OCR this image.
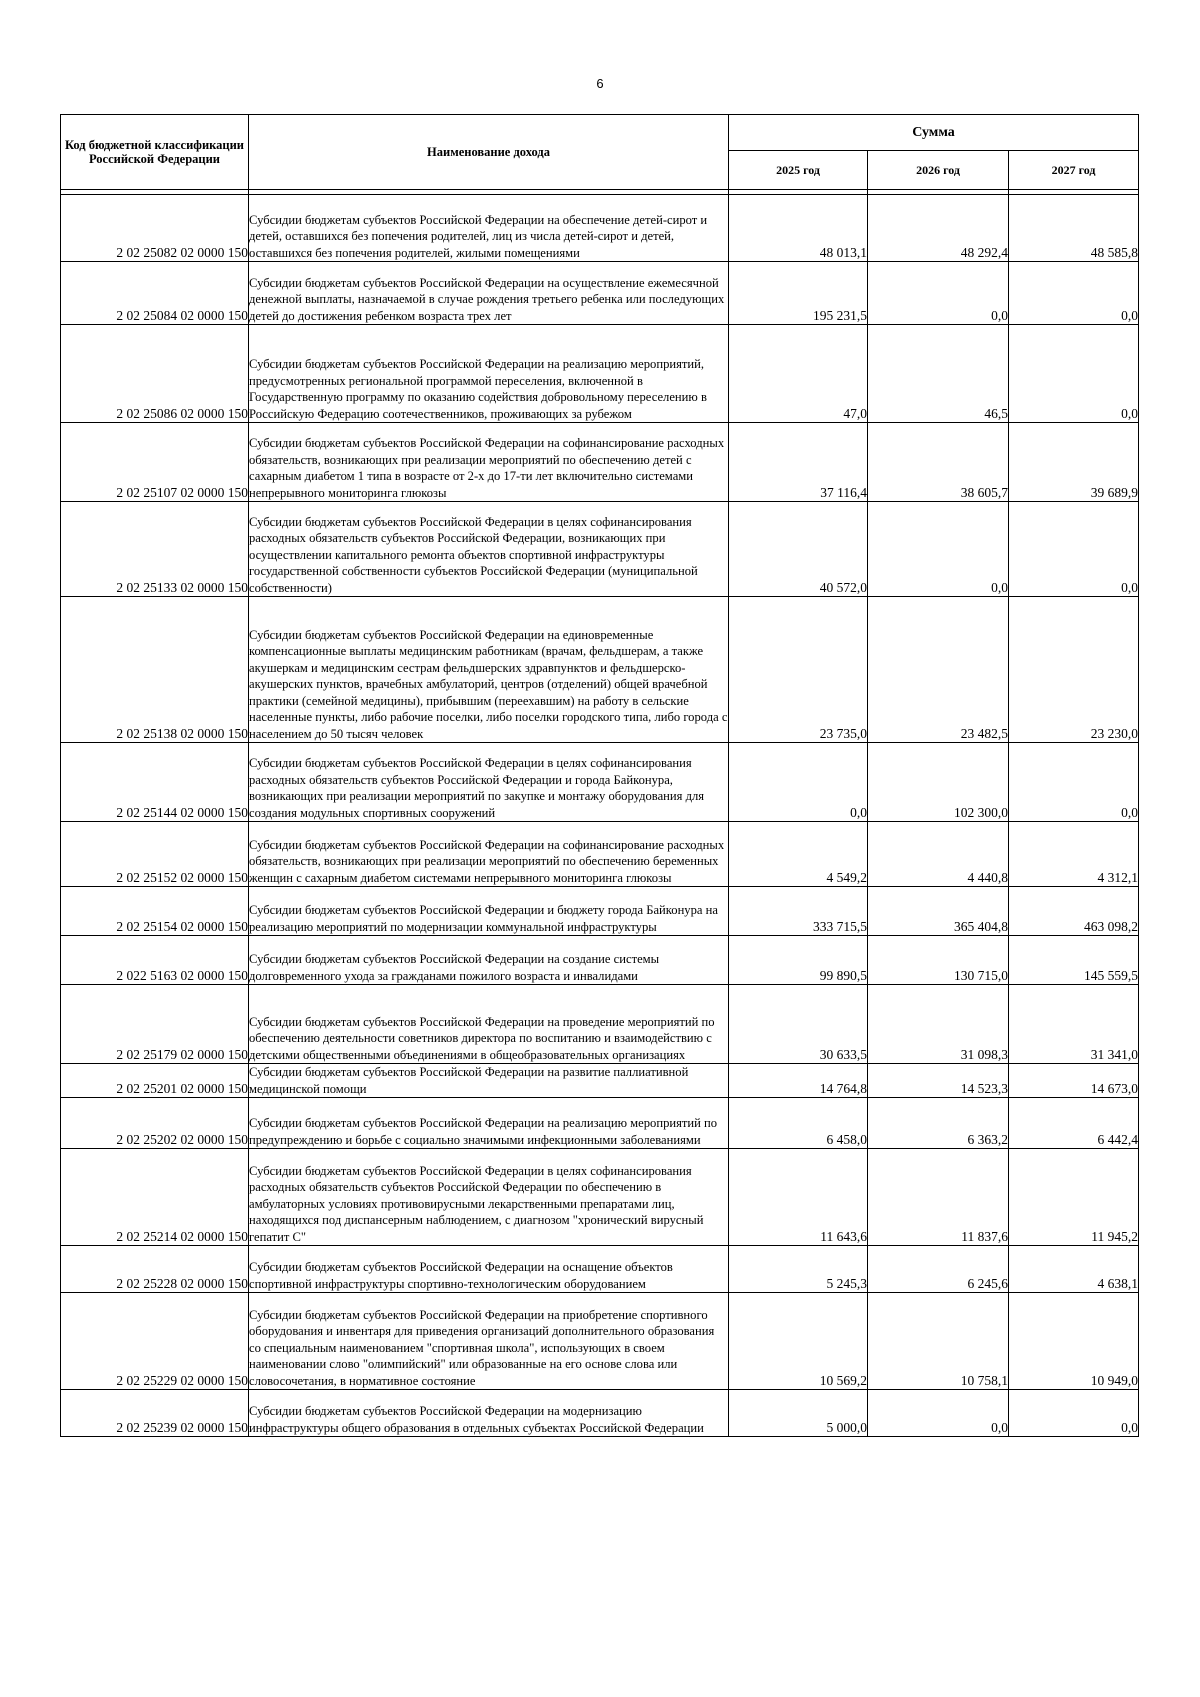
6
Код бюджетной классификации Российской Федерации	Наименование дохода	Сумма		
		2025 год	2026 год	2027 год

2 02 25082 02 0000 150	Субсидии бюджетам субъектов Российской Федерации на обеспечение детей-сирот и детей, оставшихся без попечения родителей, лиц из числа детей-сирот и детей, оставшихся без попечения родителей, жилыми помещениями	48 013,1	48 292,4	48 585,8
2 02 25084 02 0000 150	Субсидии бюджетам субъектов Российской Федерации на осуществление ежемесячной денежной выплаты, назначаемой в случае рождения третьего ребенка или последующих детей до достижения ребенком возраста трех лет	195 231,5	0,0	0,0
2 02 25086 02 0000 150	Субсидии бюджетам субъектов Российской Федерации на реализацию мероприятий, предусмотренных региональной программой переселения, включенной в Государственную программу по оказанию содействия добровольному переселению в Российскую Федерацию соотечественников, проживающих за рубежом	47,0	46,5	0,0
2 02 25107 02 0000 150	Субсидии бюджетам субъектов Российской Федерации на софинансирование расходных обязательств, возникающих при реализации мероприятий по обеспечению детей с сахарным диабетом 1 типа в возрасте от 2-х до 17-ти лет включительно системами непрерывного мониторинга глюкозы	37 116,4	38 605,7	39 689,9
2 02 25133 02 0000 150	Субсидии бюджетам субъектов Российской Федерации в целях софинансирования расходных обязательств субъектов Российской Федерации, возникающих при осуществлении капитального ремонта объектов спортивной инфраструктуры государственной собственности субъектов Российской Федерации (муниципальной собственности)	40 572,0	0,0	0,0
2 02 25138 02 0000 150	Субсидии бюджетам субъектов Российской Федерации на единовременные компенсационные выплаты медицинским работникам (врачам, фельдшерам, а также акушеркам и медицинским сестрам фельдшерских здравпунктов и фельдшерско-акушерских пунктов, врачебных амбулаторий, центров (отделений) общей врачебной практики (семейной медицины), прибывшим (переехавшим) на работу в сельские населенные пункты, либо рабочие поселки, либо поселки городского типа, либо города с населением до 50 тысяч человек	23 735,0	23 482,5	23 230,0
2 02 25144 02 0000 150	Субсидии бюджетам субъектов Российской Федерации в целях софинансирования расходных обязательств субъектов Российской Федерации и города Байконура, возникающих при реализации мероприятий по закупке и монтажу оборудования для создания модульных спортивных сооружений	0,0	102 300,0	0,0
2 02 25152 02 0000 150	Субсидии бюджетам субъектов Российской Федерации на софинансирование расходных обязательств, возникающих при реализации мероприятий по обеспечению беременных женщин с сахарным диабетом системами непрерывного мониторинга глюкозы	4 549,2	4 440,8	4 312,1
2 02 25154 02 0000 150	Субсидии бюджетам субъектов Российской Федерации и бюджету города Байконура на реализацию мероприятий по модернизации коммунальной инфраструктуры	333 715,5	365 404,8	463 098,2
2 022 5163 02 0000 150	Субсидии бюджетам субъектов Российской Федерации на создание системы долговременного ухода за гражданами пожилого возраста и инвалидами	99 890,5	130 715,0	145 559,5
2 02 25179 02 0000 150	Субсидии бюджетам субъектов Российской Федерации на проведение мероприятий по обеспечению деятельности советников директора по воспитанию и взаимодействию с детскими общественными объединениями в общеобразовательных организациях	30 633,5	31 098,3	31 341,0
2 02 25201 02 0000 150	Субсидии бюджетам субъектов Российской Федерации на развитие паллиативной медицинской помощи	14 764,8	14 523,3	14 673,0
2 02 25202 02 0000 150	Субсидии бюджетам субъектов Российской Федерации на реализацию мероприятий по предупреждению и борьбе с социально значимыми инфекционными заболеваниями	6 458,0	6 363,2	6 442,4
2 02 25214 02 0000 150	Субсидии бюджетам субъектов Российской Федерации в целях софинансирования расходных обязательств субъектов Российской Федерации по обеспечению в амбулаторных условиях противовирусными лекарственными препаратами лиц, находящихся под диспансерным наблюдением, с диагнозом "хронический вирусный гепатит С"	11 643,6	11 837,6	11 945,2
2 02 25228 02 0000 150	Субсидии бюджетам субъектов Российской Федерации на оснащение объектов спортивной инфраструктуры спортивно-технологическим оборудованием	5 245,3	6 245,6	4 638,1
2 02 25229 02 0000 150	Субсидии бюджетам субъектов Российской Федерации на приобретение спортивного оборудования и инвентаря для приведения организаций дополнительного образования со специальным наименованием "спортивная школа", использующих в своем наименовании слово "олимпийский" или образованные на его основе слова или словосочетания, в нормативное состояние	10 569,2	10 758,1	10 949,0
2 02 25239 02 0000 150	Субсидии бюджетам субъектов Российской Федерации на модернизацию инфраструктуры общего образования в отдельных субъектах Российской Федерации	5 000,0	0,0	0,0
